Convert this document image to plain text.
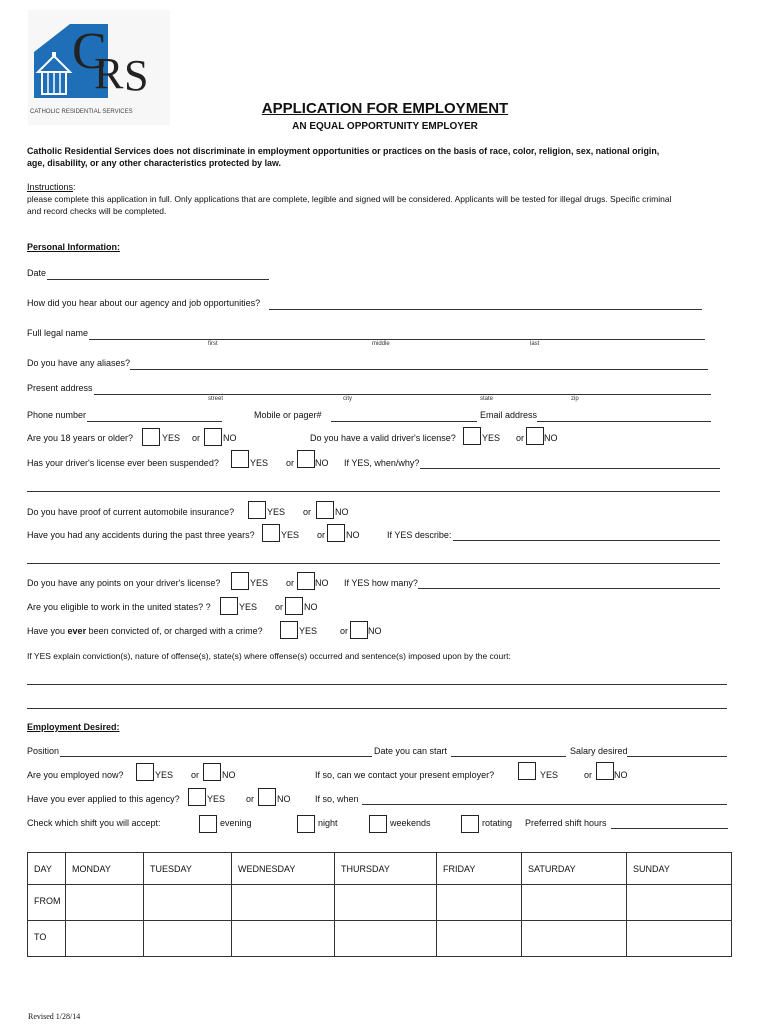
C
R S
CATHOLIC RESIDENTIAL SERVICES	APPLICATION FOR EMPLOYMENT
AN EQUAL OPPORTUNITY EMPLOYER
Catholic Residential Services does not discriminate in employment opportunities or practices on the basis of race, color, religion, sex, national origin,
age, disability, or any other characteristics protected by law.
Instructions:
please complete this application in full. Only applications that are complete, legible and signed will be considered. Applicants will be tested for illegal drugs. Specific criminal
and record checks will be completed.
Personal Information:
Date
How did you hear about our agency and job opportunities?
Full legal name
first	middle	last
Do you have any aliases?
Present address
street	city	state	zip
Phone number	Mobile or pager#	Email address
Are you 18 years or older?	YES or	NO	Do you have a valid driver's license?	YES or NO
Has your driver's license ever been suspended?	YES or NO If YES, when/why?
Do you have proof of current automobile insurance?	YES or	NO
Have you had any accidents during the past three years?	YES or NO	If YES describe:
Do you have any points on your driver's license?	YES or NO If YES how many?
Are you eligible to work in the united states? ?	YES or NO
Have you ever been convicted of, or charged with a crime?	YES	or NO
If YES explain conviction(s), nature of offense(s), state(s) where offense(s) occurred and sentence(s) imposed upon by the court:
Employment Desired:
Position	Date you can start	Salary desired
Are you employed now?	YES or	NO	If so, can we contact your present employer?	YES	or NO
Have you ever applied to this agency?	YES or	NO	If so, when
Check which shift you will accept:	evening	night	weekends	rotating Preferred shift hours
DAY	MONDAY	TUESDAY	WEDNESDAY	THURSDAY	FRIDAY	SATURDAY	SUNDAY

FROM							

TO							

Revised 1/28/14
